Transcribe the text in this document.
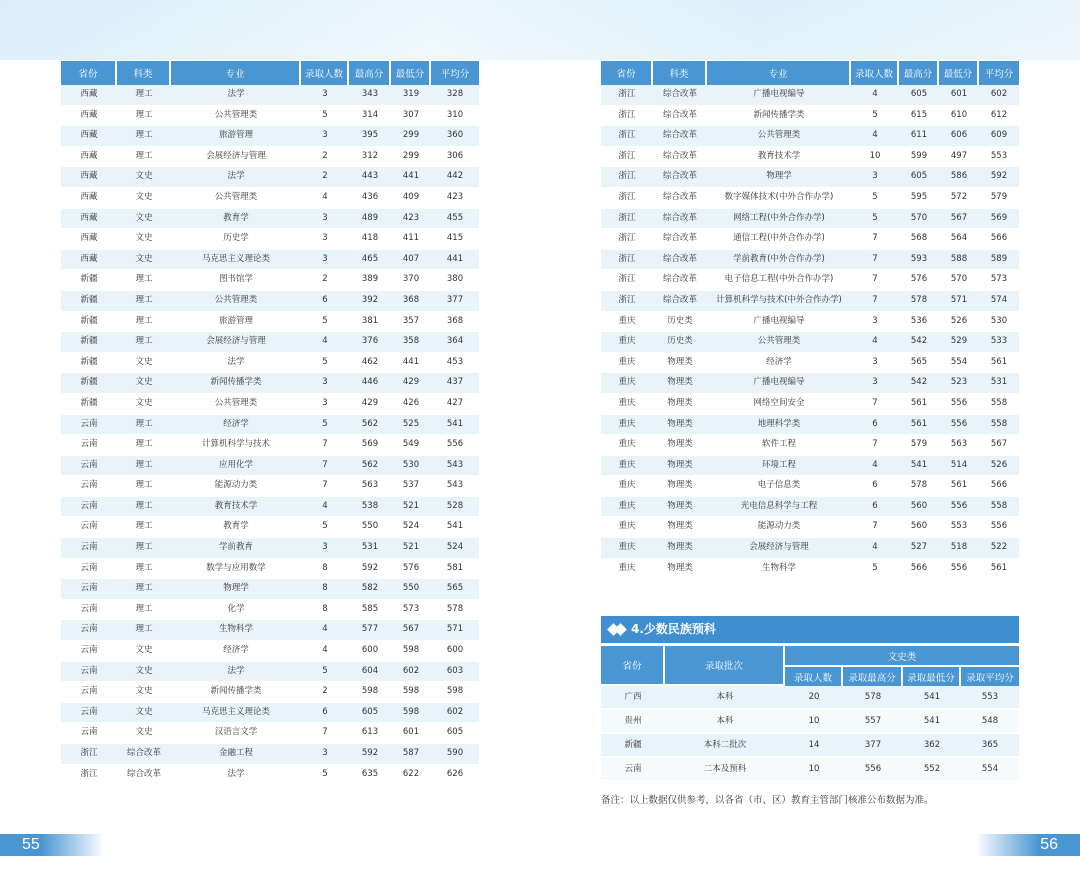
省份	科类	专业	录取人数	最高分	最低分	平均分
西藏	理工	法学	3	343	319	328
西藏	理工	公共管理类	5	314	307	310
西藏	理工	旅游管理	3	395	299	360
西藏	理工	会展经济与管理	2	312	299	306
西藏	文史	法学	2	443	441	442
西藏	文史	公共管理类	4	436	409	423
西藏	文史	教育学	3	489	423	455
西藏	文史	历史学	3	418	411	415
西藏	文史	马克思主义理论类	3	465	407	441
新疆	理工	图书馆学	2	389	370	380
新疆	理工	公共管理类	6	392	368	377
新疆	理工	旅游管理	5	381	357	368
新疆	理工	会展经济与管理	4	376	358	364
新疆	文史	法学	5	462	441	453
新疆	文史	新闻传播学类	3	446	429	437
新疆	文史	公共管理类	3	429	426	427
云南	理工	经济学	5	562	525	541
云南	理工	计算机科学与技术	7	569	549	556
云南	理工	应用化学	7	562	530	543
云南	理工	能源动力类	7	563	537	543
云南	理工	教育技术学	4	538	521	528
云南	理工	教育学	5	550	524	541
云南	理工	学前教育	3	531	521	524
云南	理工	数学与应用数学	8	592	576	581
云南	理工	物理学	8	582	550	565
云南	理工	化学	8	585	573	578
云南	理工	生物科学	4	577	567	571
云南	文史	经济学	4	600	598	600
云南	文史	法学	5	604	602	603
云南	文史	新闻传播学类	2	598	598	598
云南	文史	马克思主义理论类	6	605	598	602
云南	文史	汉语言文学	7	613	601	605
浙江	综合改革	金融工程	3	592	587	590
浙江	综合改革	法学	5	635	622	626
省份	科类	专业	录取人数	最高分	最低分	平均分
浙江	综合改革	广播电视编导	4	605	601	602
浙江	综合改革	新闻传播学类	5	615	610	612
浙江	综合改革	公共管理类	4	611	606	609
浙江	综合改革	教育技术学	10	599	497	553
浙江	综合改革	物理学	3	605	586	592
浙江	综合改革	数字媒体技术(中外合作办学)	5	595	572	579
浙江	综合改革	网络工程(中外合作办学)	5	570	567	569
浙江	综合改革	通信工程(中外合作办学)	7	568	564	566
浙江	综合改革	学前教育(中外合作办学)	7	593	588	589
浙江	综合改革	电子信息工程(中外合作办学)	7	576	570	573
浙江	综合改革	计算机科学与技术(中外合作办学)	7	578	571	574
重庆	历史类	广播电视编导	3	536	526	530
重庆	历史类	公共管理类	4	542	529	533
重庆	物理类	经济学	3	565	554	561
重庆	物理类	广播电视编导	3	542	523	531
重庆	物理类	网络空间安全	7	561	556	558
重庆	物理类	地理科学类	6	561	556	558
重庆	物理类	软件工程	7	579	563	567
重庆	物理类	环境工程	4	541	514	526
重庆	物理类	电子信息类	6	578	561	566
重庆	物理类	光电信息科学与工程	6	560	556	558
重庆	物理类	能源动力类	7	560	553	556
重庆	物理类	会展经济与管理	4	527	518	522
重庆	物理类	生物科学	5	566	556	561
4.少数民族预科
省份	录取批次	文史类			
		录取人数	录取最高分	录取最低分	录取平均分
广西	本科	20	578	541	553
贵州	本科	10	557	541	548
新疆	本科二批次	14	377	362	365
云南	二本及预科	10	556	552	554
备注：以上数据仅供参考，以各省（市、区）教育主管部门核准公布数据为准。
55	56
